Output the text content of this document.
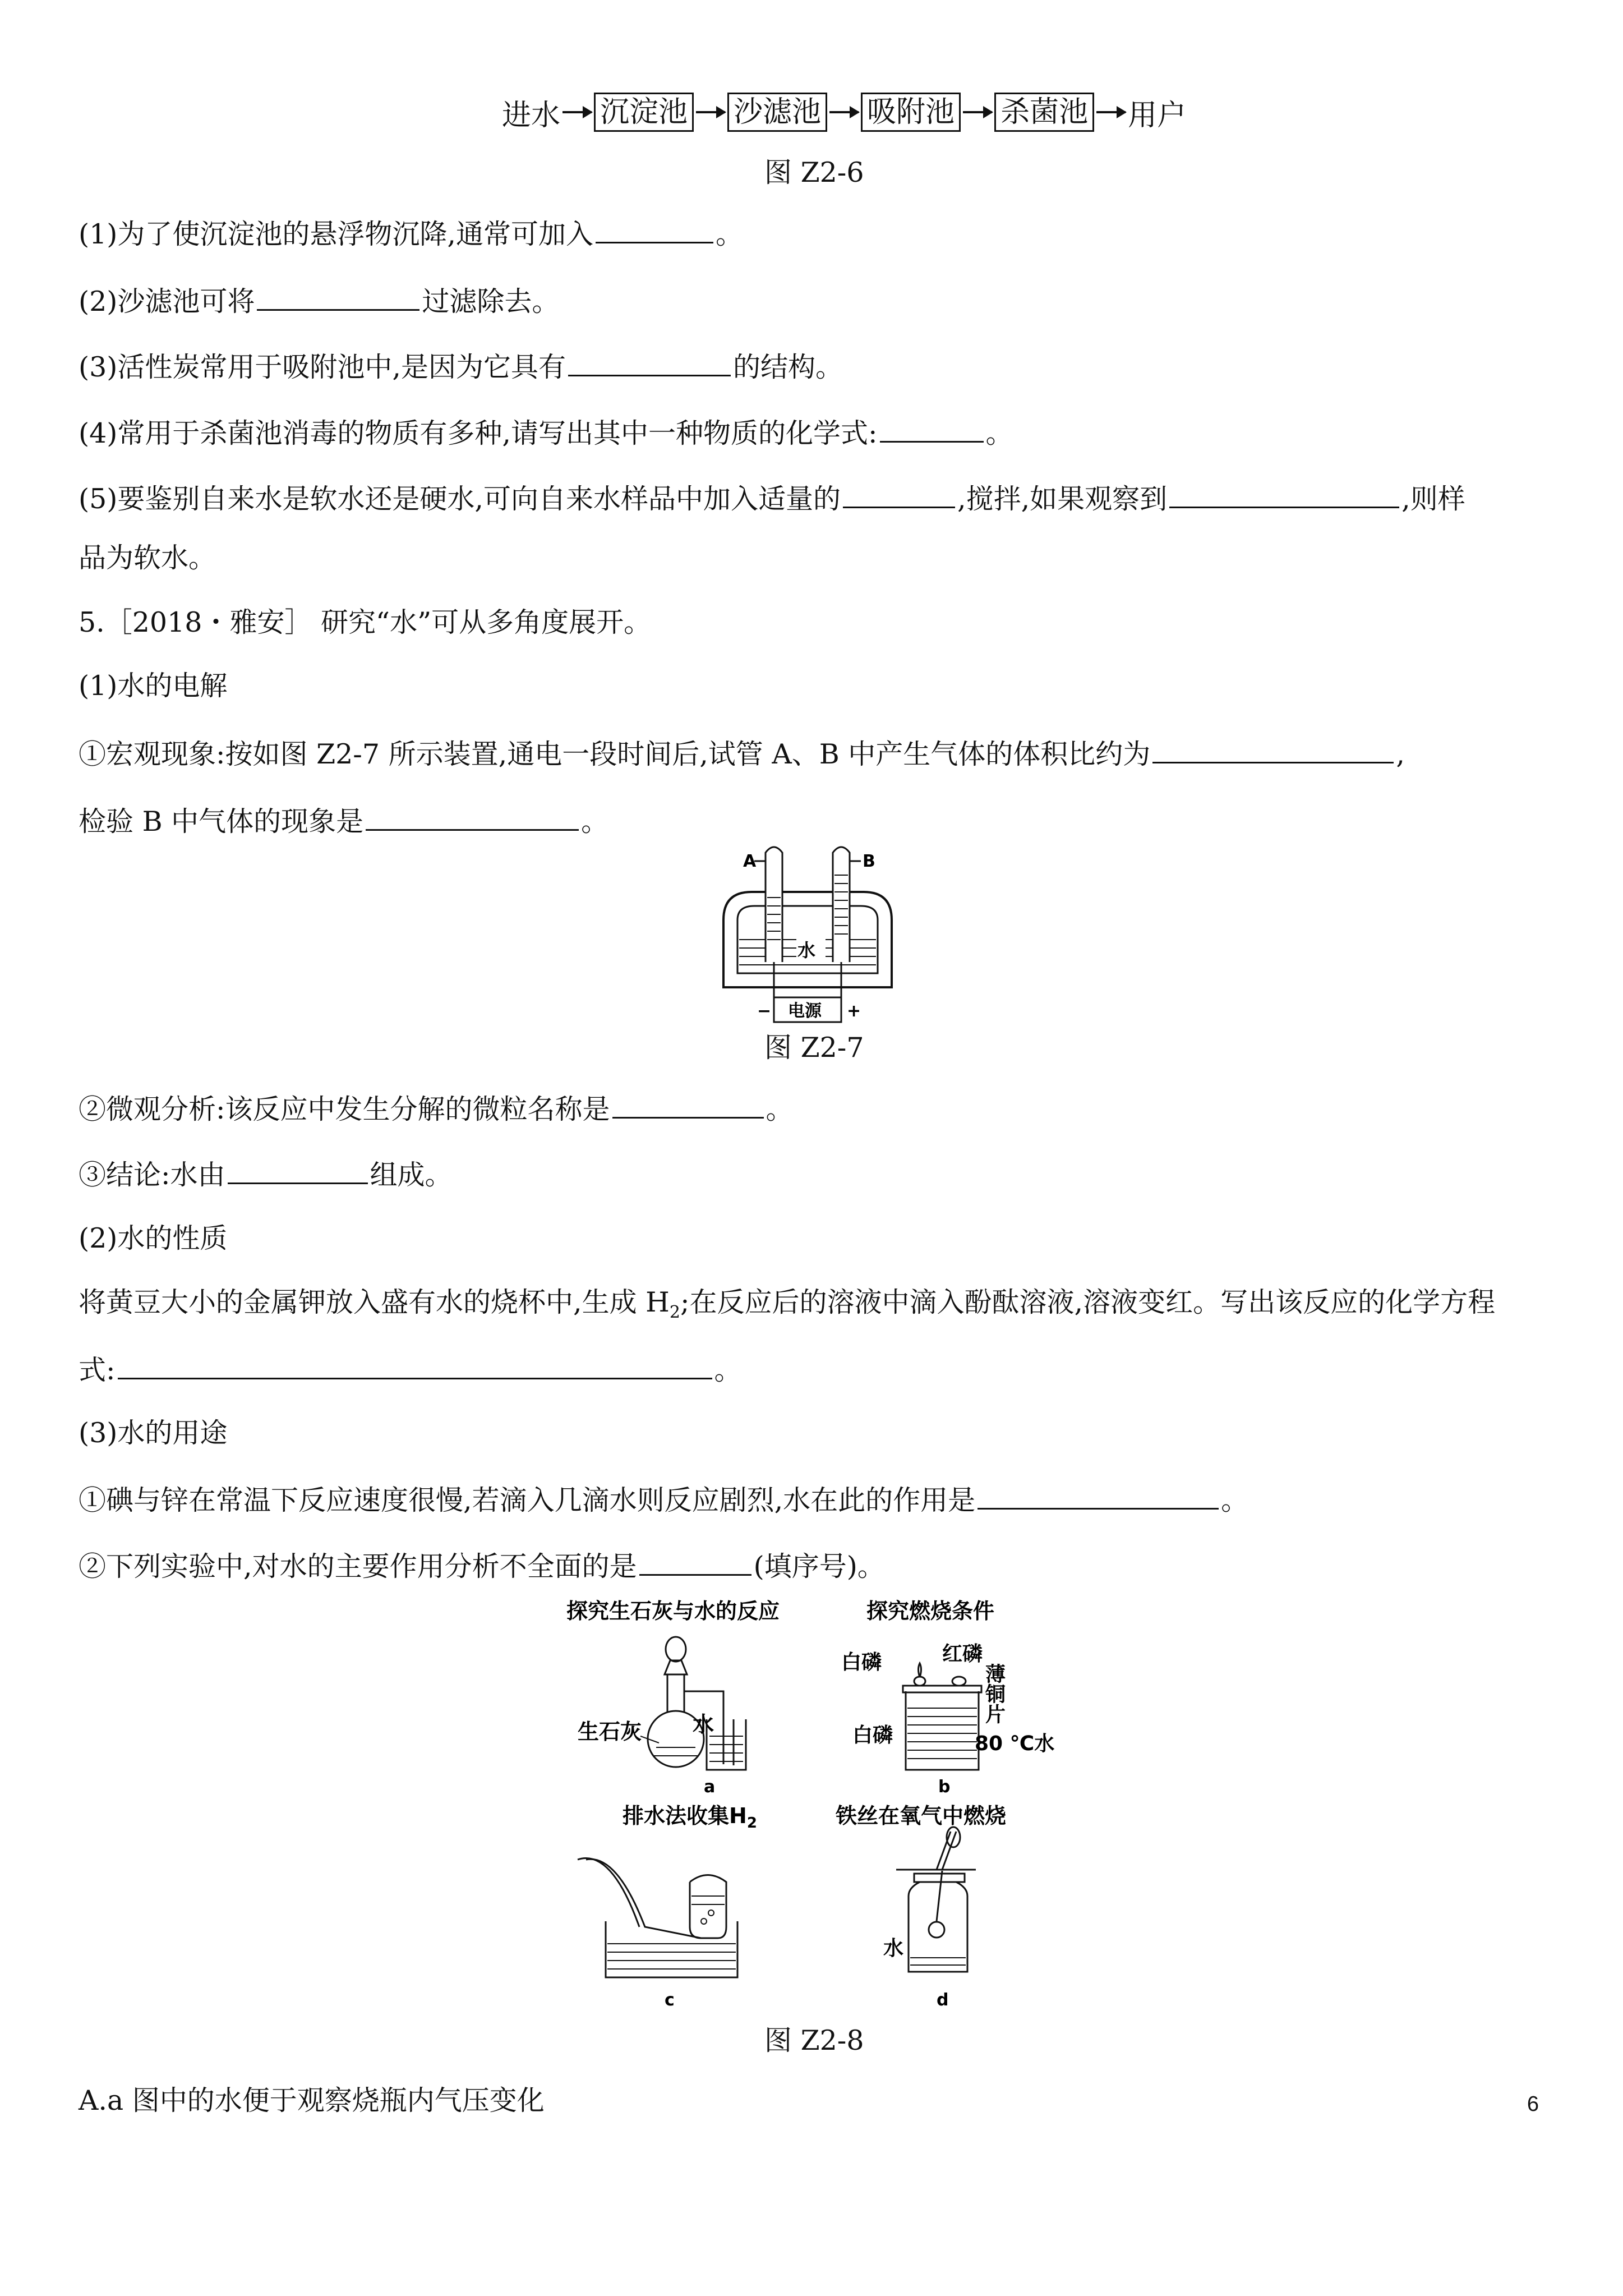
进水 沉淀池 沙滤池 吸附池 杀菌池 用户
图 Z2-6
(1)为了使沉淀池的悬浮物沉降,通常可加入	。
(2)沙滤池可将	过滤除去。
(3)活性炭常用于吸附池中,是因为它具有	的结构。
(4)常用于杀菌池消毒的物质有多种,请写出其中一种物质的化学式:	。
(5)要鉴别自来水是软水还是硬水,可向自来水样品中加入适量的	,搅拌,如果观察到	,则样
品为软水。
5.［2018・雅安］ 研究“水”可从多角度展开。
(1)水的电解
①宏观现象:按如图 Z2-7 所示装置,通电一段时间后,试管 A、B 中产生气体的体积比约为	,
检验 B 中气体的现象是	。
A	B
水
电源
−	+
图 Z2-7
②微观分析:该反应中发生分解的微粒名称是	。
③结论:水由	组成。
(2)水的性质
将黄豆大小的金属钾放入盛有水的烧杯中,生成 $H_2$;在反应后的溶液中滴入酚酞溶液,溶液变红。写出该反应的化学方程
式:	。
(3)水的用途
①碘与锌在常温下反应速度很慢,若滴入几滴水则反应剧烈,水在此的作用是	。
②下列实验中,对水的主要作用分析不全面的是	(填序号)。
探究生石灰与水的反应
生石灰 水
a
探究燃烧条件
白磷	红磷
薄铜片
白磷	80 ℃水
b
排水法收集$H_2$
c
铁丝在氧气中燃烧
水
d
图 Z2-8
A.a 图中的水便于观察烧瓶内气压变化	6
